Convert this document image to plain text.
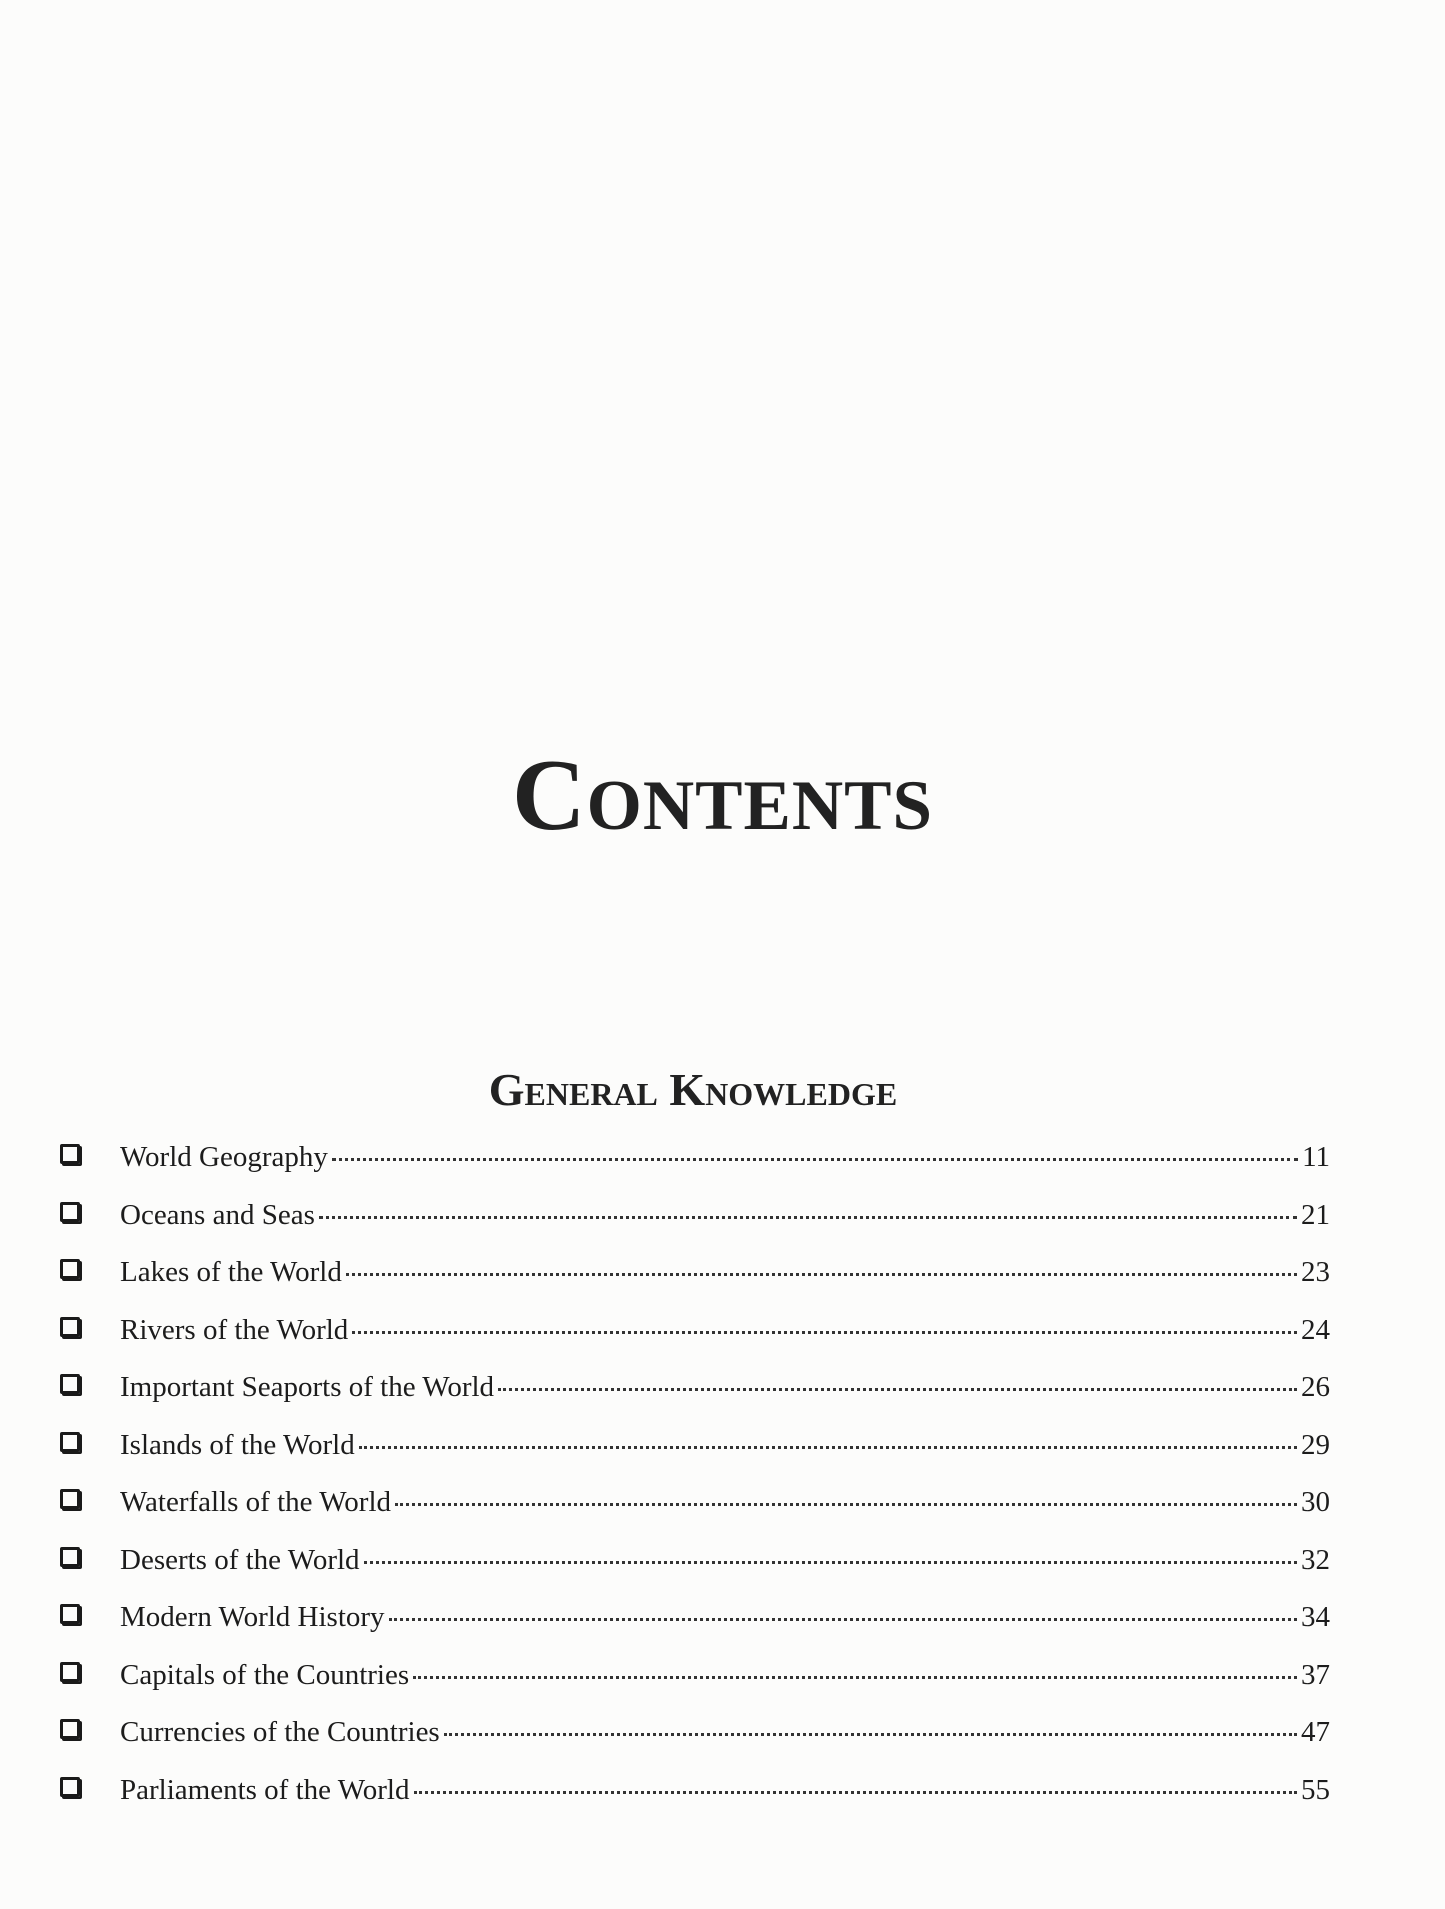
Contents
General Knowledge
World Geography	11
Oceans and Seas	21
Lakes of the World	23
Rivers of the World	24
Important Seaports of the World	26
Islands of the World	29
Waterfalls of the World	30
Deserts of the World	32
Modern World History	34
Capitals of the Countries	37
Currencies of the Countries	47
Parliaments of the World	55
